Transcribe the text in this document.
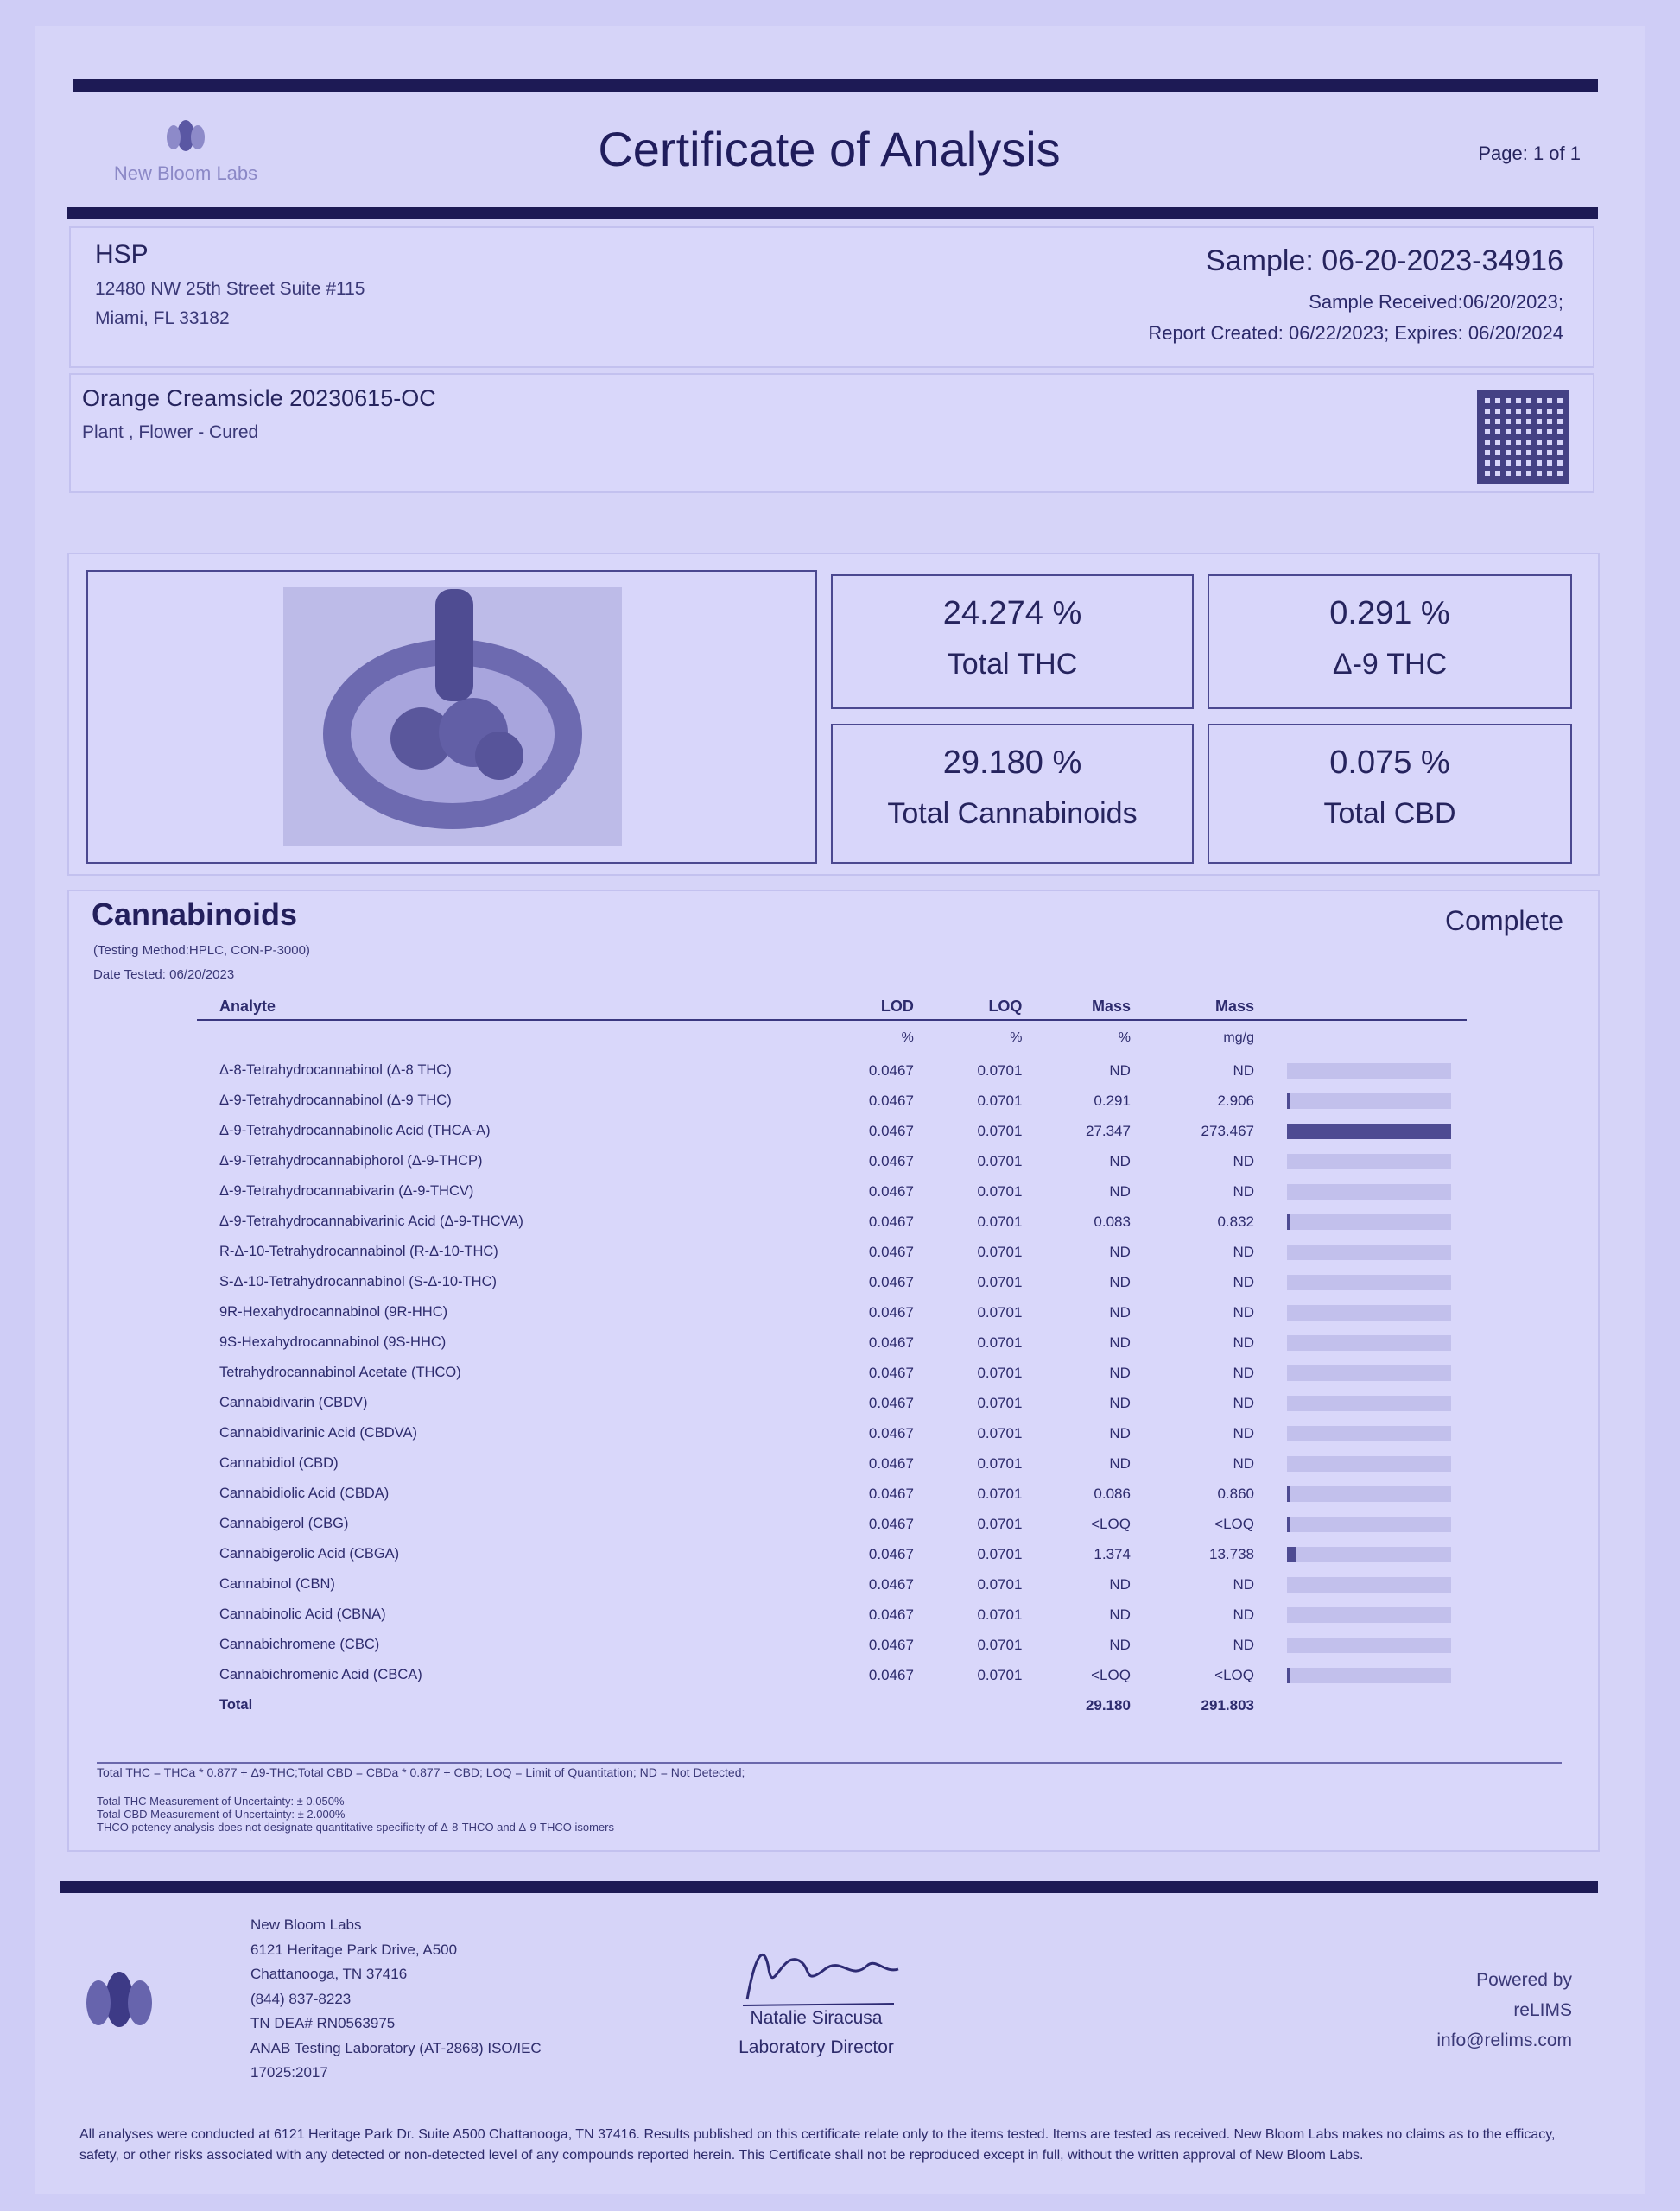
New Bloom Labs	Certificate of Analysis	Page: 1 of 1
HSP
12480 NW 25th Street Suite #115
Miami, FL 33182
Sample: 06-20-2023-34916
Sample Received:06/20/2023;
Report Created: 06/22/2023; Expires: 06/20/2024
Orange Creamsicle 20230615-OC
Plant , Flower - Cured
24.274 %
Total THC
0.291 %
Δ-9 THC
29.180 %
Total Cannabinoids
0.075 %
Total CBD
Cannabinoids	Complete
(Testing Method:HPLC, CON-P-3000)
Date Tested: 06/20/2023
Analyte	LOD	LOQ	Mass	Mass	
	%	%	%	mg/g	
Δ-8-Tetrahydrocannabinol (Δ-8 THC)	0.0467	0.0701	ND	ND	

Δ-9-Tetrahydrocannabinol (Δ-9 THC)	0.0467	0.0701	0.291	2.906	

Δ-9-Tetrahydrocannabinolic Acid (THCA-A)	0.0467	0.0701	27.347	273.467	

Δ-9-Tetrahydrocannabiphorol (Δ-9-THCP)	0.0467	0.0701	ND	ND	

Δ-9-Tetrahydrocannabivarin (Δ-9-THCV)	0.0467	0.0701	ND	ND	

Δ-9-Tetrahydrocannabivarinic Acid (Δ-9-THCVA)	0.0467	0.0701	0.083	0.832	

R-Δ-10-Tetrahydrocannabinol (R-Δ-10-THC)	0.0467	0.0701	ND	ND	

S-Δ-10-Tetrahydrocannabinol (S-Δ-10-THC)	0.0467	0.0701	ND	ND	

9R-Hexahydrocannabinol (9R-HHC)	0.0467	0.0701	ND	ND	

9S-Hexahydrocannabinol (9S-HHC)	0.0467	0.0701	ND	ND	

Tetrahydrocannabinol Acetate (THCO)	0.0467	0.0701	ND	ND	

Cannabidivarin (CBDV)	0.0467	0.0701	ND	ND	

Cannabidivarinic Acid (CBDVA)	0.0467	0.0701	ND	ND	

Cannabidiol (CBD)	0.0467	0.0701	ND	ND	

Cannabidiolic Acid (CBDA)	0.0467	0.0701	0.086	0.860	

Cannabigerol (CBG)	0.0467	0.0701	<LOQ	<LOQ	

Cannabigerolic Acid (CBGA)	0.0467	0.0701	1.374	13.738	

Cannabinol (CBN)	0.0467	0.0701	ND	ND	

Cannabinolic Acid (CBNA)	0.0467	0.0701	ND	ND	

Cannabichromene (CBC)	0.0467	0.0701	ND	ND	

Cannabichromenic Acid (CBCA)	0.0467	0.0701	<LOQ	<LOQ	

Total			29.180	291.803	
Total THC = THCa * 0.877 + Δ9-THC;Total CBD = CBDa * 0.877 + CBD; LOQ = Limit of Quantitation; ND = Not Detected;
Total THC Measurement of Uncertainty: ± 0.050%
Total CBD Measurement of Uncertainty: ± 2.000%
THCO potency analysis does not designate quantitative specificity of Δ-8-THCO and Δ-9-THCO isomers
New Bloom Labs
6121 Heritage Park Drive, A500
Chattanooga, TN 37416
(844) 837-8223
TN DEA# RN0563975
ANAB Testing Laboratory (AT-2868) ISO/IEC
17025:2017
Natalie Siracusa
Laboratory Director
Powered by
reLIMS
info@relims.com
All analyses were conducted at 6121 Heritage Park Dr. Suite A500 Chattanooga, TN 37416. Results published on this certificate relate only to the items tested. Items are tested as received. New Bloom Labs makes no claims as to the efficacy, safety, or other risks associated with any detected or non-detected level of any compounds reported herein. This Certificate shall not be reproduced except in full, without the written approval of New Bloom Labs.
